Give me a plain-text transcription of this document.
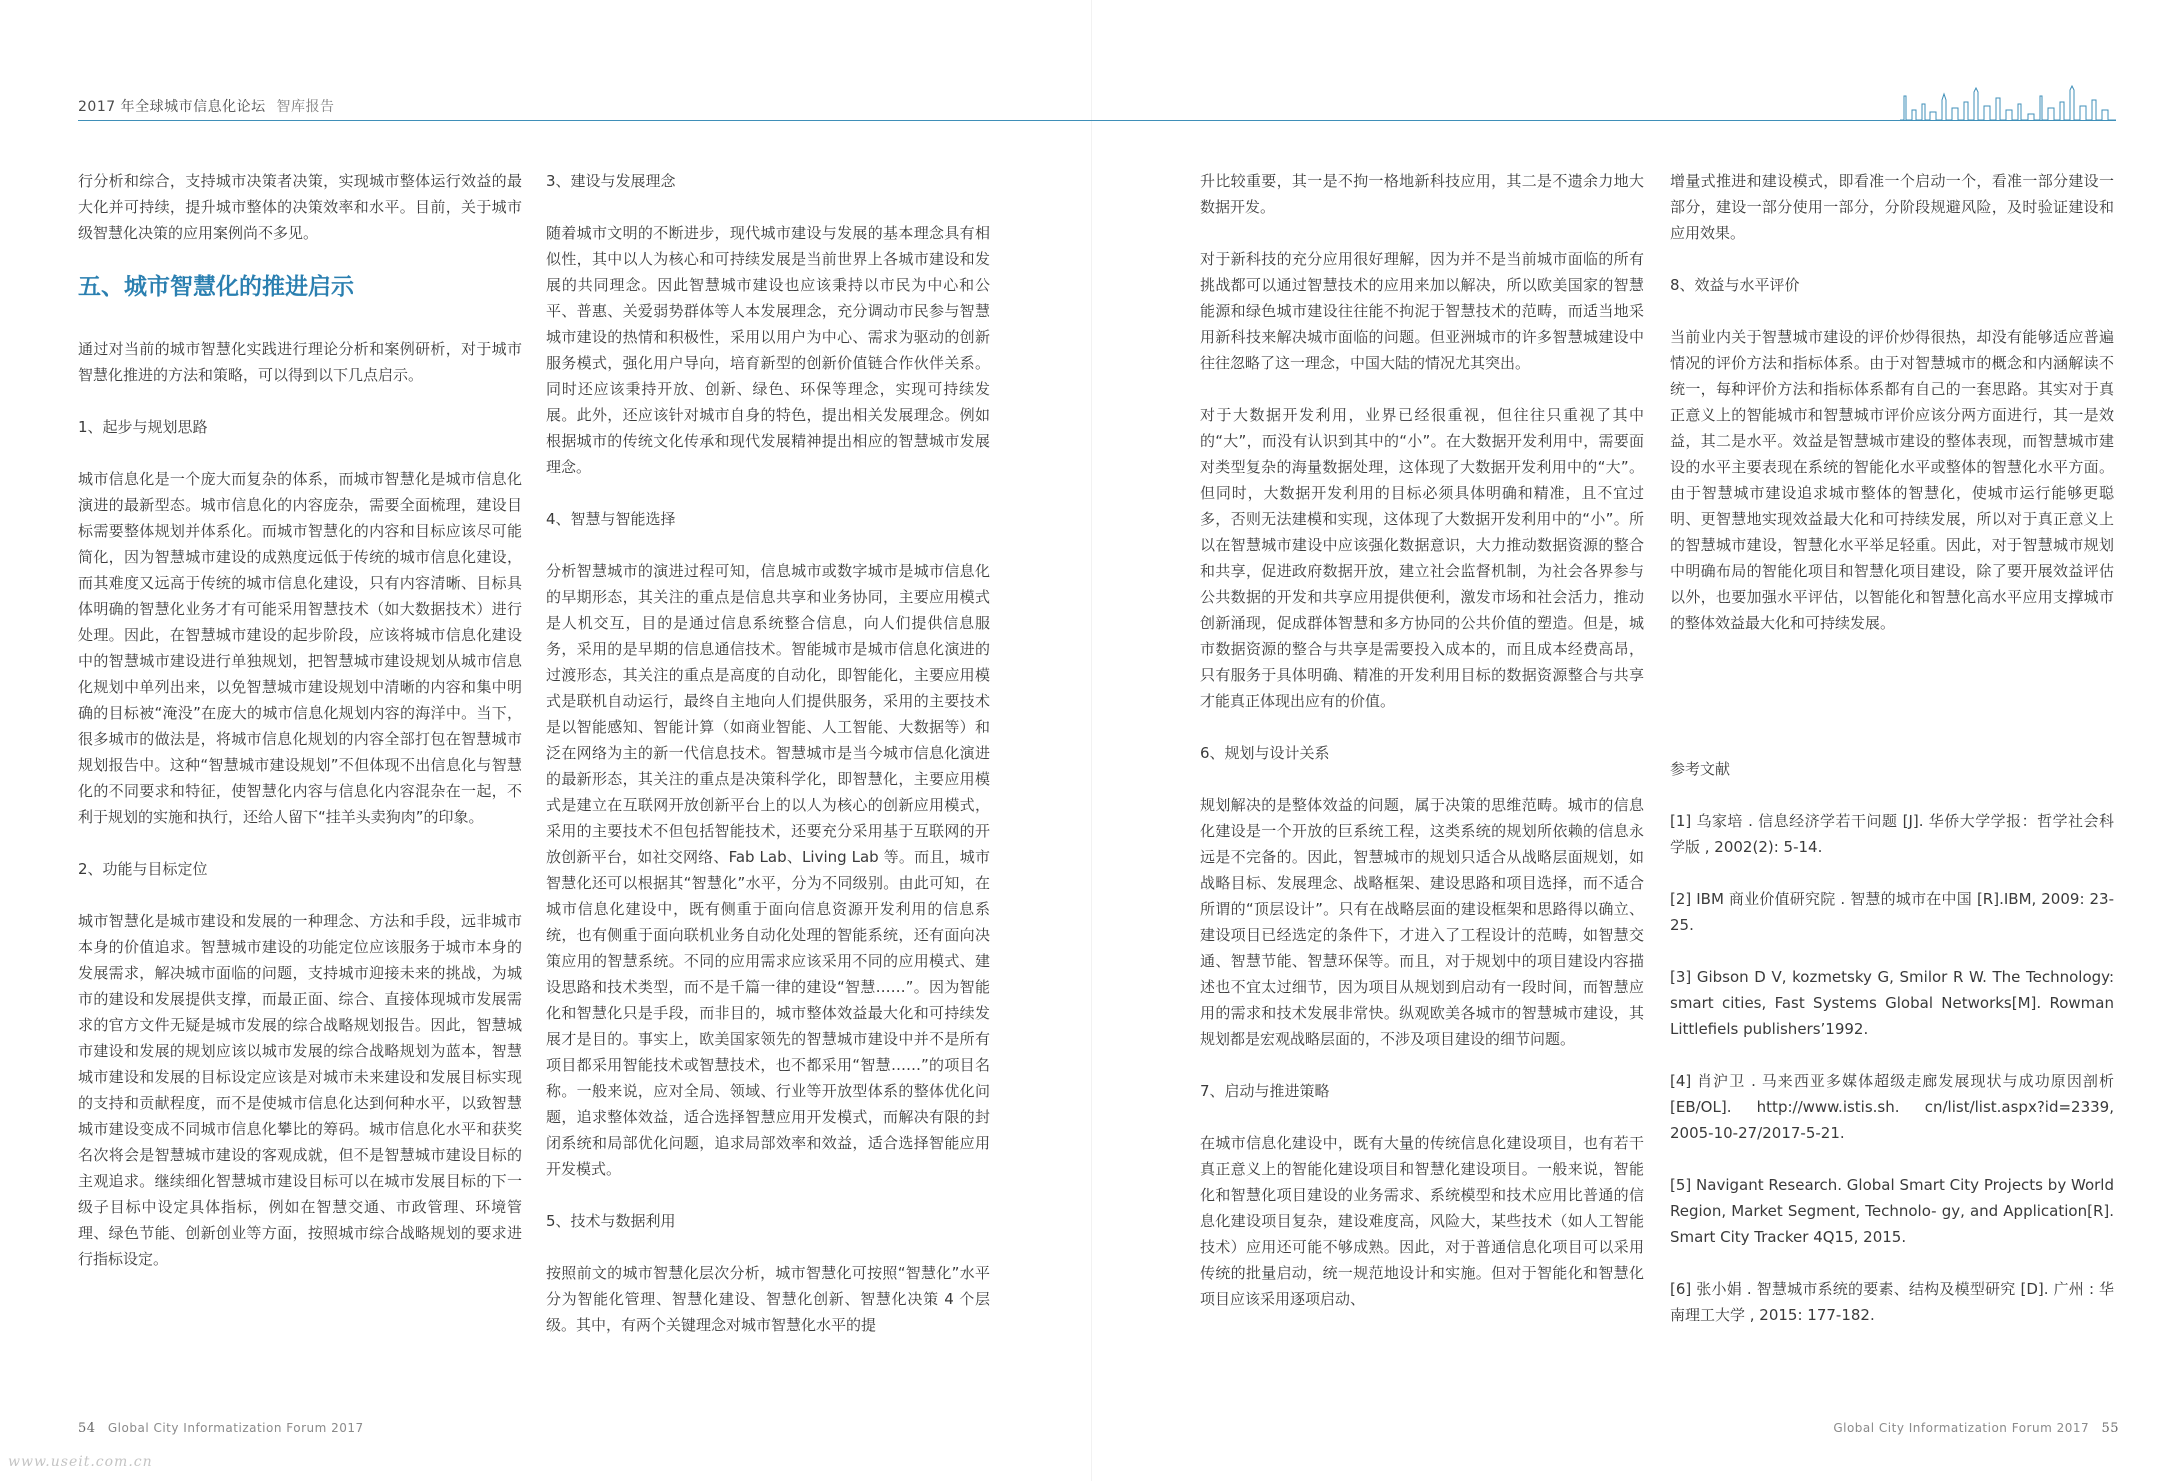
2017 年全球城市信息化论坛 智库报告

行分析和综合，支持城市决策者决策，实现城市整体运行效益的最大化并可持续，提升城市整体的决策效率和水平。目前，关于城市级智慧化决策的应用案例尚不多见。

五、城市智慧化的推进启示

通过对当前的城市智慧化实践进行理论分析和案例研析，对于城市智慧化推进的方法和策略，可以得到以下几点启示。

1、起步与规划思路

城市信息化是一个庞大而复杂的体系，而城市智慧化是城市信息化演进的最新型态。城市信息化的内容庞杂，需要全面梳理，建设目标需要整体规划并体系化。而城市智慧化的内容和目标应该尽可能简化，因为智慧城市建设的成熟度远低于传统的城市信息化建设，而其难度又远高于传统的城市信息化建设，只有内容清晰、目标具体明确的智慧化业务才有可能采用智慧技术（如大数据技术）进行处理。因此，在智慧城市建设的起步阶段，应该将城市信息化建设中的智慧城市建设进行单独规划，把智慧城市建设规划从城市信息化规划中单列出来，以免智慧城市建设规划中清晰的内容和集中明确的目标被“淹没”在庞大的城市信息化规划内容的海洋中。当下，很多城市的做法是，将城市信息化规划的内容全部打包在智慧城市规划报告中。这种“智慧城市建设规划”不但体现不出信息化与智慧化的不同要求和特征，使智慧化内容与信息化内容混杂在一起，不利于规划的实施和执行，还给人留下“挂羊头卖狗肉”的印象。

2、功能与目标定位

城市智慧化是城市建设和发展的一种理念、方法和手段，远非城市本身的价值追求。智慧城市建设的功能定位应该服务于城市本身的发展需求，解决城市面临的问题，支持城市迎接未来的挑战，为城市的建设和发展提供支撑，而最正面、综合、直接体现城市发展需求的官方文件无疑是城市发展的综合战略规划报告。因此，智慧城市建设和发展的规划应该以城市发展的综合战略规划为蓝本，智慧城市建设和发展的目标设定应该是对城市未来建设和发展目标实现的支持和贡献程度，而不是使城市信息化达到何种水平，以致智慧城市建设变成不同城市信息化攀比的筹码。城市信息化水平和获奖名次将会是智慧城市建设的客观成就，但不是智慧城市建设目标的主观追求。继续细化智慧城市建设目标可以在城市发展目标的下一级子目标中设定具体指标，例如在智慧交通、市政管理、环境管理、绿色节能、创新创业等方面，按照城市综合战略规划的要求进行指标设定。

3、建设与发展理念

随着城市文明的不断进步，现代城市建设与发展的基本理念具有相似性，其中以人为核心和可持续发展是当前世界上各城市建设和发展的共同理念。因此智慧城市建设也应该秉持以市民为中心和公平、普惠、关爱弱势群体等人本发展理念，充分调动市民参与智慧城市建设的热情和积极性，采用以用户为中心、需求为驱动的创新服务模式，强化用户导向，培育新型的创新价值链合作伙伴关系。同时还应该秉持开放、创新、绿色、环保等理念，实现可持续发展。此外，还应该针对城市自身的特色，提出相关发展理念。例如根据城市的传统文化传承和现代发展精神提出相应的智慧城市发展理念。

4、智慧与智能选择

分析智慧城市的演进过程可知，信息城市或数字城市是城市信息化的早期形态，其关注的重点是信息共享和业务协同，主要应用模式是人机交互，目的是通过信息系统整合信息，向人们提供信息服务，采用的是早期的信息通信技术。智能城市是城市信息化演进的过渡形态，其关注的重点是高度的自动化，即智能化，主要应用模式是联机自动运行，最终自主地向人们提供服务，采用的主要技术是以智能感知、智能计算（如商业智能、人工智能、大数据等）和泛在网络为主的新一代信息技术。智慧城市是当今城市信息化演进的最新形态，其关注的重点是决策科学化，即智慧化，主要应用模式是建立在互联网开放创新平台上的以人为核心的创新应用模式，采用的主要技术不但包括智能技术，还要充分采用基于互联网的开放创新平台，如社交网络、Fab Lab、Living Lab 等。而且，城市智慧化还可以根据其“智慧化”水平，分为不同级别。由此可知，在城市信息化建设中，既有侧重于面向信息资源开发利用的信息系统，也有侧重于面向联机业务自动化处理的智能系统，还有面向决策应用的智慧系统。不同的应用需求应该采用不同的应用模式、建设思路和技术类型，而不是千篇一律的建设“智慧……”。因为智能化和智慧化只是手段，而非目的，城市整体效益最大化和可持续发展才是目的。事实上，欧美国家领先的智慧城市建设中并不是所有项目都采用智能技术或智慧技术，也不都采用“智慧……”的项目名称。一般来说，应对全局、领域、行业等开放型体系的整体优化问题，追求整体效益，适合选择智慧应用开发模式，而解决有限的封闭系统和局部优化问题，追求局部效率和效益，适合选择智能应用开发模式。

5、技术与数据利用

按照前文的城市智慧化层次分析，城市智慧化可按照“智慧化”水平分为智能化管理、智慧化建设、智慧化创新、智慧化决策 4 个层级。其中，有两个关键理念对城市智慧化水平的提

升比较重要，其一是不拘一格地新科技应用，其二是不遗余力地大数据开发。

对于新科技的充分应用很好理解，因为并不是当前城市面临的所有挑战都可以通过智慧技术的应用来加以解决，所以欧美国家的智慧能源和绿色城市建设往往能不拘泥于智慧技术的范畴，而适当地采用新科技来解决城市面临的问题。但亚洲城市的许多智慧城建设中往往忽略了这一理念，中国大陆的情况尤其突出。

对于大数据开发利用，业界已经很重视，但往往只重视了其中的“大”，而没有认识到其中的“小”。在大数据开发利用中，需要面对类型复杂的海量数据处理，这体现了大数据开发利用中的“大”。但同时，大数据开发利用的目标必须具体明确和精准，且不宜过多，否则无法建模和实现，这体现了大数据开发利用中的“小”。所以在智慧城市建设中应该强化数据意识，大力推动数据资源的整合和共享，促进政府数据开放，建立社会监督机制，为社会各界参与公共数据的开发和共享应用提供便利，激发市场和社会活力，推动创新涌现，促成群体智慧和多方协同的公共价值的塑造。但是，城市数据资源的整合与共享是需要投入成本的，而且成本经费高昂，只有服务于具体明确、精准的开发利用目标的数据资源整合与共享才能真正体现出应有的价值。

6、规划与设计关系

规划解决的是整体效益的问题，属于决策的思维范畴。城市的信息化建设是一个开放的巨系统工程，这类系统的规划所依赖的信息永远是不完备的。因此，智慧城市的规划只适合从战略层面规划，如战略目标、发展理念、战略框架、建设思路和项目选择，而不适合所谓的“顶层设计”。只有在战略层面的建设框架和思路得以确立、建设项目已经选定的条件下，才进入了工程设计的范畴，如智慧交通、智慧节能、智慧环保等。而且，对于规划中的项目建设内容描述也不宜太过细节，因为项目从规划到启动有一段时间，而智慧应用的需求和技术发展非常快。纵观欧美各城市的智慧城市建设，其规划都是宏观战略层面的，不涉及项目建设的细节问题。

7、启动与推进策略

在城市信息化建设中，既有大量的传统信息化建设项目，也有若干真正意义上的智能化建设项目和智慧化建设项目。一般来说，智能化和智慧化项目建设的业务需求、系统模型和技术应用比普通的信息化建设项目复杂，建设难度高，风险大，某些技术（如人工智能技术）应用还可能不够成熟。因此，对于普通信息化项目可以采用传统的批量启动，统一规范地设计和实施。但对于智能化和智慧化项目应该采用逐项启动、

增量式推进和建设模式，即看准一个启动一个，看准一部分建设一部分，建设一部分使用一部分，分阶段规避风险，及时验证建设和应用效果。

8、效益与水平评价

当前业内关于智慧城市建设的评价炒得很热，却没有能够适应普遍情况的评价方法和指标体系。由于对智慧城市的概念和内涵解读不统一，每种评价方法和指标体系都有自己的一套思路。其实对于真正意义上的智能城市和智慧城市评价应该分两方面进行，其一是效益，其二是水平。效益是智慧城市建设的整体表现，而智慧城市建设的水平主要表现在系统的智能化水平或整体的智慧化水平方面。由于智慧城市建设追求城市整体的智慧化，使城市运行能够更聪明、更智慧地实现效益最大化和可持续发展，所以对于真正意义上的智慧城市建设，智慧化水平举足轻重。因此，对于智慧城市规划中明确布局的智能化项目和智慧化项目建设，除了要开展效益评估以外，也要加强水平评估，以智能化和智慧化高水平应用支撑城市的整体效益最大化和可持续发展。

参考文献

[1] 乌家培 . 信息经济学若干问题 [J]. 华侨大学学报：哲学社会科学版 , 2002(2): 5-14.

[2] IBM 商业价值研究院 . 智慧的城市在中国 [R].IBM, 2009: 23-25.

[3] Gibson D V, kozmetsky G, Smilor R W. The Technology: smart cities, Fast Systems Global Networks[M]. Rowman Littlefiels publishers’1992.

[4] 肖沪卫 . 马来西亚多媒体超级走廊发展现状与成功原因剖析 [EB/OL]. http://www.istis.sh. cn/list/list.aspx?id=2339, 2005-10-27/2017-5-21.

[5] Navigant Research. Global Smart City Projects by World Region, Market Segment, Technolo- gy, and Application[R]. Smart City Tracker 4Q15, 2015.

[6] 张小娟 . 智慧城市系统的要素、结构及模型研究 [D]. 广州 : 华南理工大学 , 2015: 177-182.

54 Global City Informatization Forum 2017	Global City Informatization Forum 2017 55
www.useit.com.cn
